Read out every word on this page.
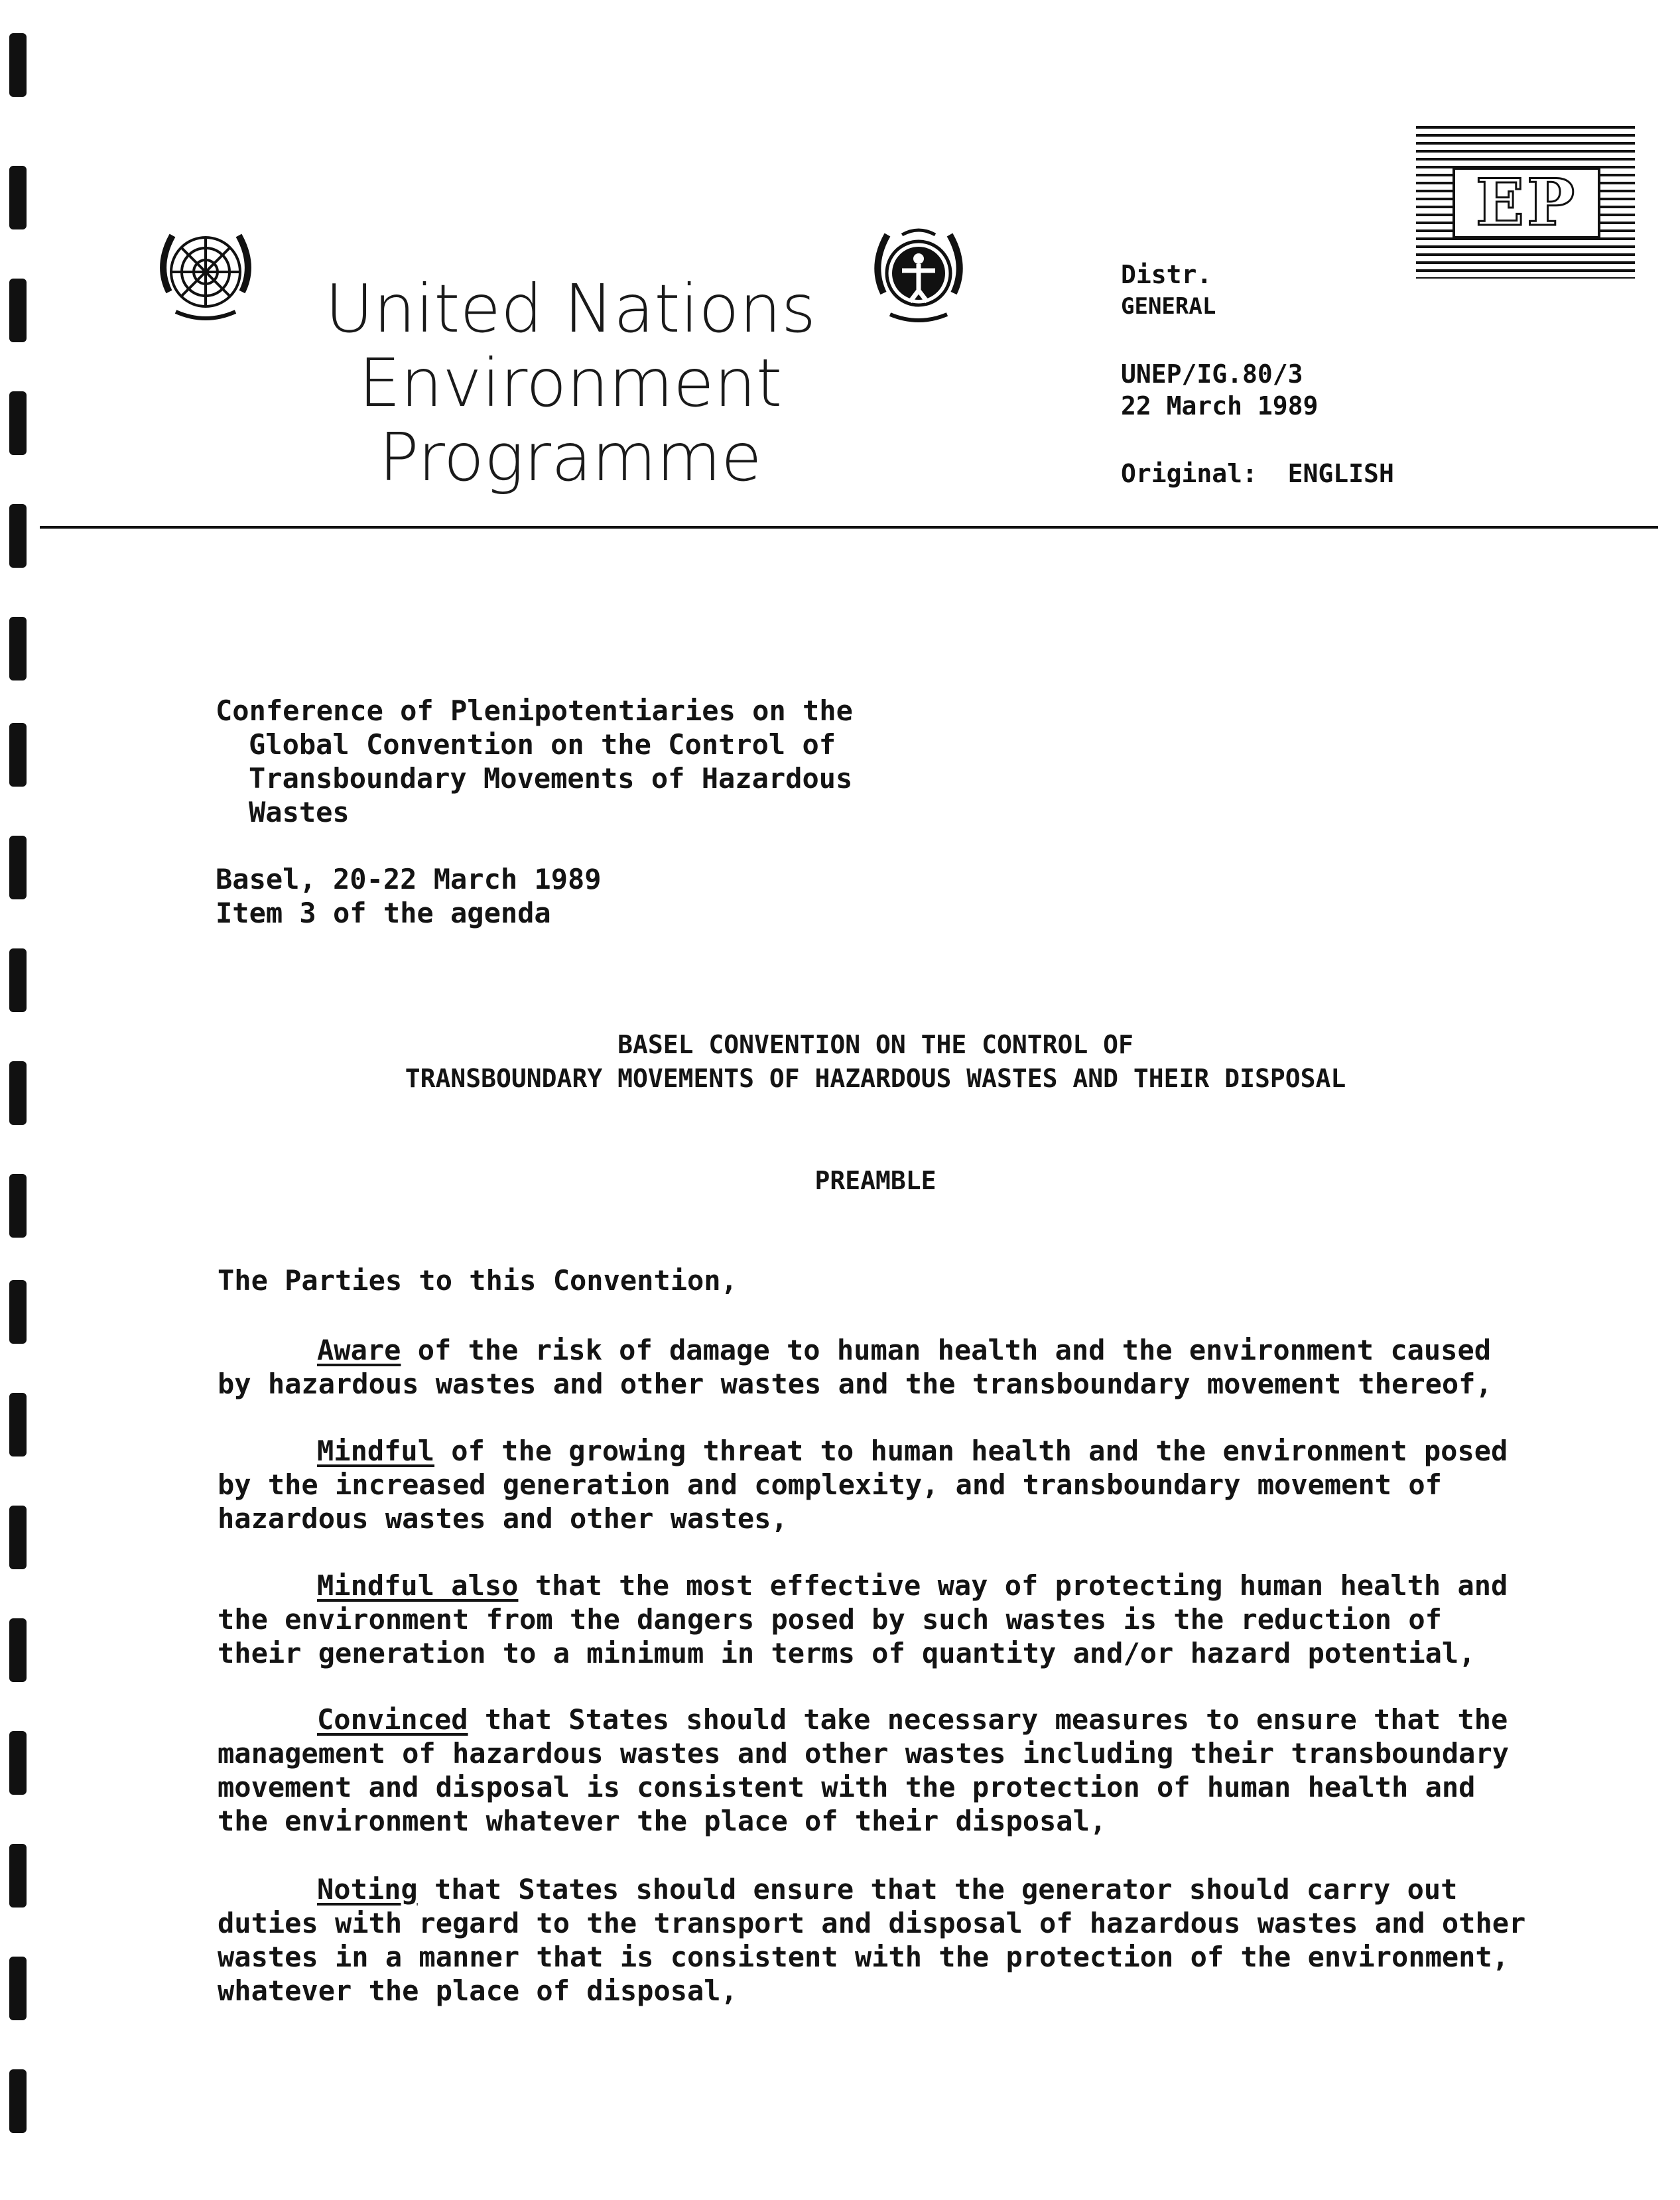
United Nations
Environment
Programme
Distr.
GENERAL
UNEP/IG.80/3
22 March 1989
Original: ENGLISH
EP
Conference of Plenipotentiaries on the
Global Convention on the Control of
Transboundary Movements of Hazardous
Wastes
Basel, 20-22 March 1989
Item 3 of the agenda
BASEL CONVENTION ON THE CONTROL OF
TRANSBOUNDARY MOVEMENTS OF HAZARDOUS WASTES AND THEIR DISPOSAL
PREAMBLE
The Parties to this Convention,
Aware of the risk of damage to human health and the environment caused
by hazardous wastes and other wastes and the transboundary movement thereof,
Mindful of the growing threat to human health and the environment posed
by the increased generation and complexity, and transboundary movement of
hazardous wastes and other wastes,
Mindful also that the most effective way of protecting human health and
the environment from the dangers posed by such wastes is the reduction of
their generation to a minimum in terms of quantity and/or hazard potential,
Convinced that States should take necessary measures to ensure that the
management of hazardous wastes and other wastes including their transboundary
movement and disposal is consistent with the protection of human health and
the environment whatever the place of their disposal,
Noting that States should ensure that the generator should carry out
duties with regard to the transport and disposal of hazardous wastes and other
wastes in a manner that is consistent with the protection of the environment,
whatever the place of disposal,
